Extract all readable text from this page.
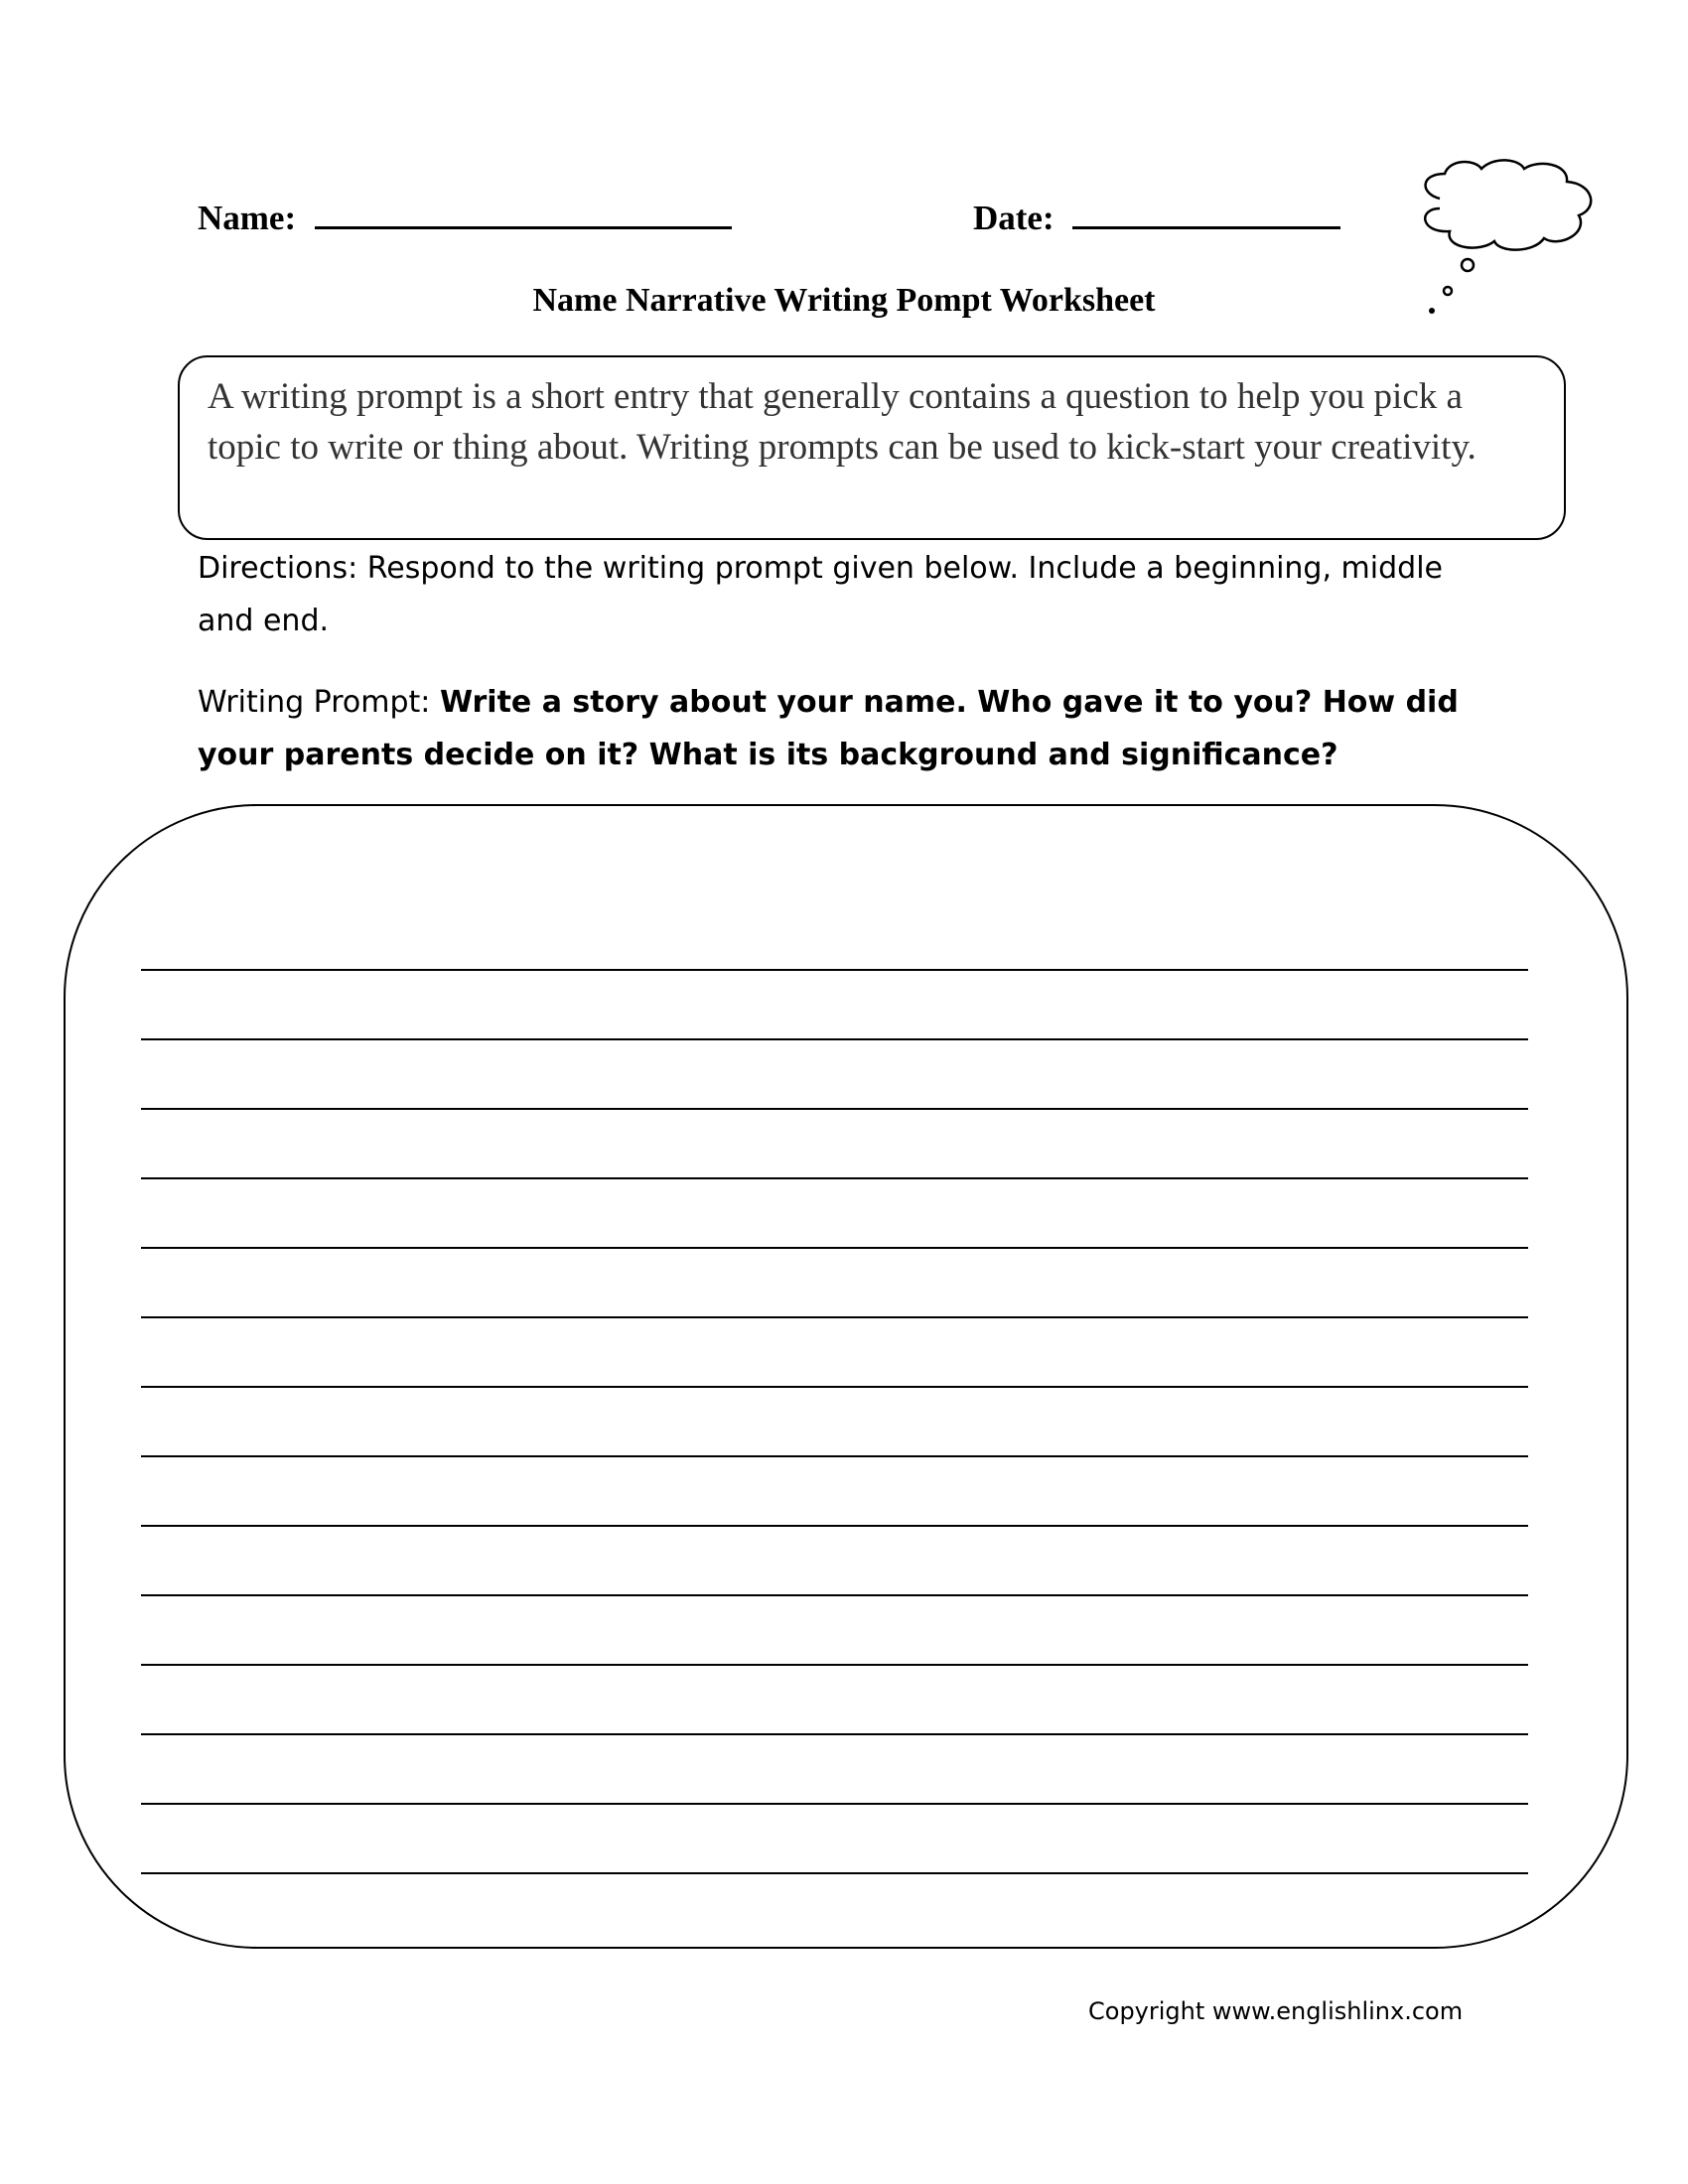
Name:	Date:
Name Narrative Writing Pompt Worksheet
A writing prompt is a short entry that generally contains a question to help you pick a topic to write or thing about. Writing prompts can be used to kick-start your creativity.
Directions: Respond to the writing prompt given below. Include a beginning, middle and end.
Writing Prompt: Write a story about your name. Who gave it to you? How did your parents decide on it? What is its background and significance?
Copyright www.englishlinx.com
